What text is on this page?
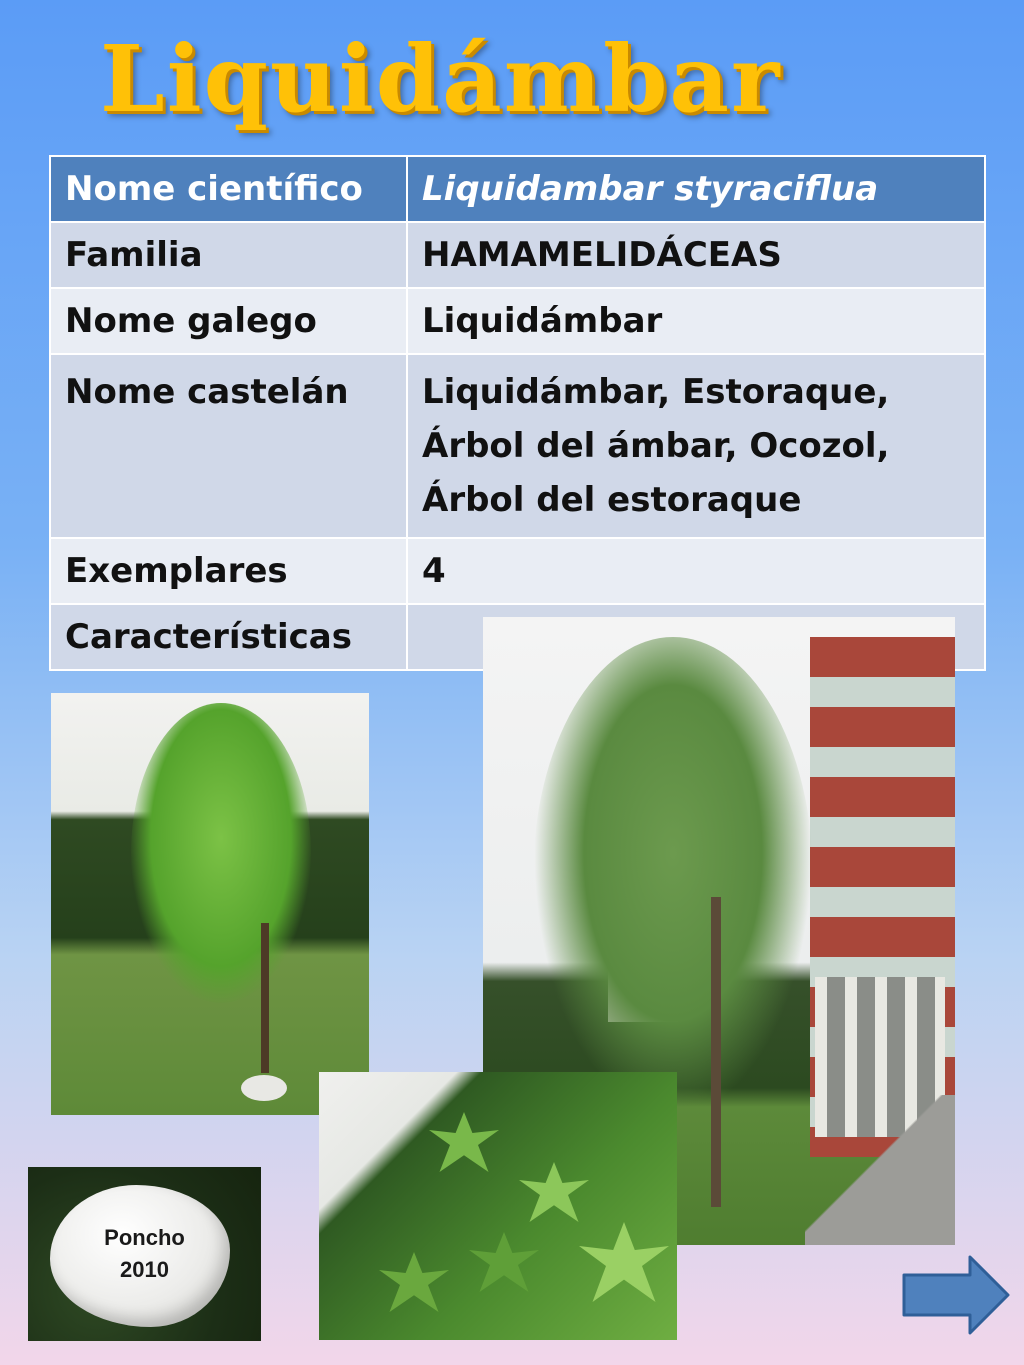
Liquidámbar
Nome científico	Liquidambar styraciflua
Familia	HAMAMELIDÁCEAS
Nome galego	Liquidámbar
Nome castelán	Liquidámbar, Estoraque,
Árbol del ámbar, Ocozol,
Árbol del estoraque

Exemplares	4
Características	
Poncho
2010
